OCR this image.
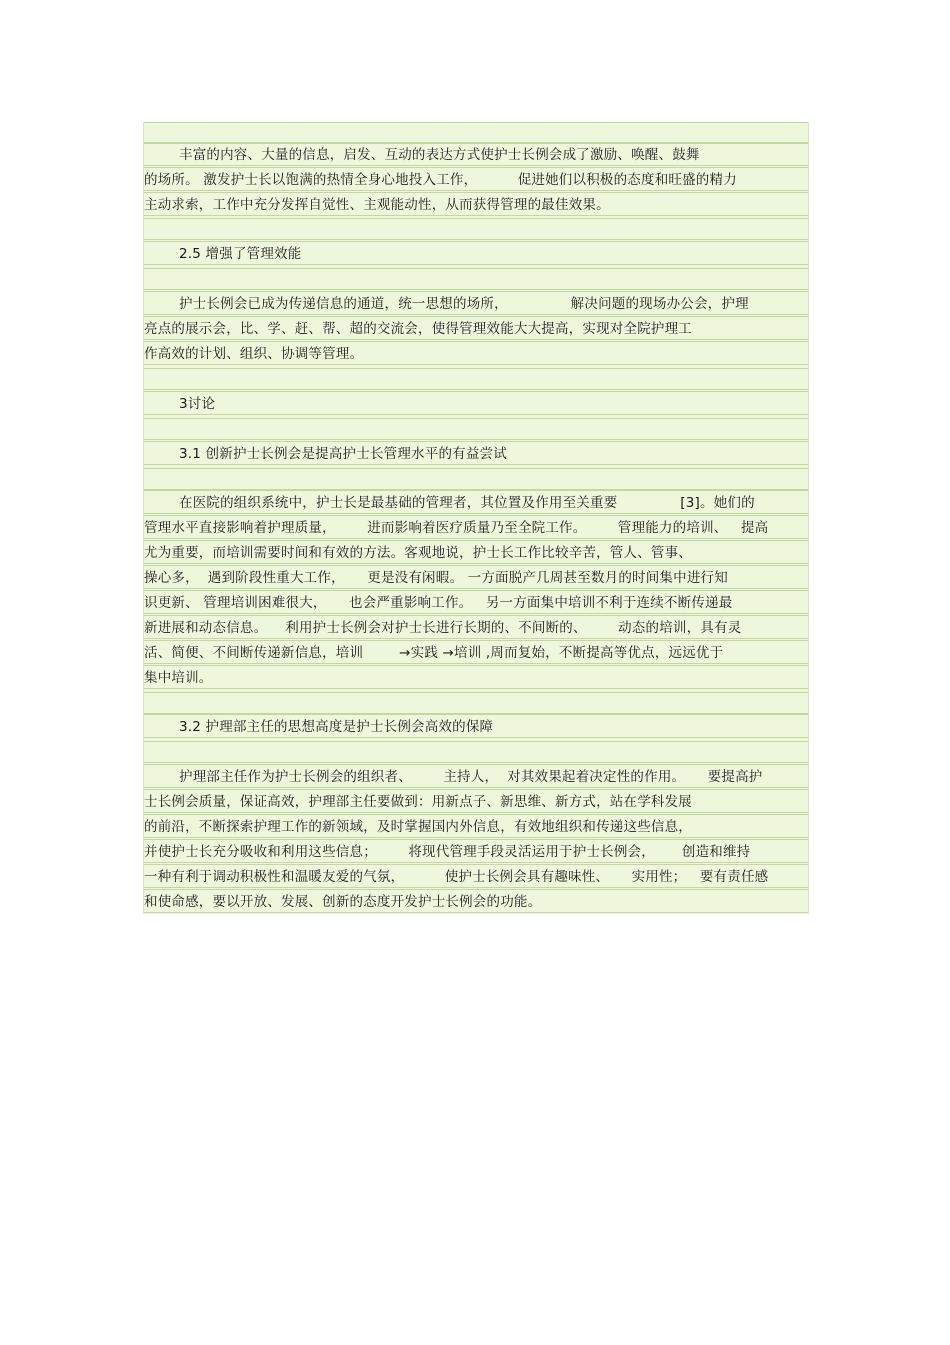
丰富的内容、大量的信息，启发、互动的表达方式使护士长例会成了激励、唤醒、鼓舞
的场所。 激发护士长以饱满的热情全身心地投入工作，         促进她们以积极的态度和旺盛的精力
主动求索，工作中充分发挥自觉性、主观能动性，从而获得管理的最佳效果。
2.5 增强了管理效能
护士长例会已成为传递信息的通道，统一思想的场所，              解决问题的现场办公会，护理
亮点的展示会，比、学、赶、帮、超的交流会，使得管理效能大大提高，实现对全院护理工
作高效的计划、组织、协调等管理。
3讨论
3.1 创新护士长例会是提高护士长管理水平的有益尝试
在医院的组织系统中，护士长是最基础的管理者，其位置及作用至关重要              [3]。她们的
管理水平直接影响着护理质量，       进而影响着医疗质量乃至全院工作。       管理能力的培训、   提高
尤为重要，而培训需要时间和有效的方法。客观地说，护士长工作比较辛苦，管人、管事、
操心多，  遇到阶段性重大工作，     更是没有闲暇。 一方面脱产几周甚至数月的时间集中进行知
识更新、 管理培训困难很大，     也会严重影响工作。   另一方面集中培训不利于连续不断传递最
新进展和动态信息。    利用护士长例会对护士长进行长期的、不间断的、       动态的培训，具有灵
活、简便、不间断传递新信息，培训        →实践 →培训 ,周而复始，不断提高等优点，远远优于
集中培训。
3.2 护理部主任的思想高度是护士长例会高效的保障
护理部主任作为护士长例会的组织者、       主持人，  对其效果起着决定性的作用。     要提高护
士长例会质量，保证高效，护理部主任要做到：用新点子、新思维、新方式，站在学科发展
的前沿，不断探索护理工作的新领域，及时掌握国内外信息，有效地组织和传递这些信息，
并使护士长充分吸收和利用这些信息；       将现代管理手段灵活运用于护士长例会，      创造和维持
一种有利于调动积极性和温暖友爱的气氛，         使护士长例会具有趣味性、     实用性；   要有责任感
和使命感，要以开放、发展、创新的态度开发护士长例会的功能。
